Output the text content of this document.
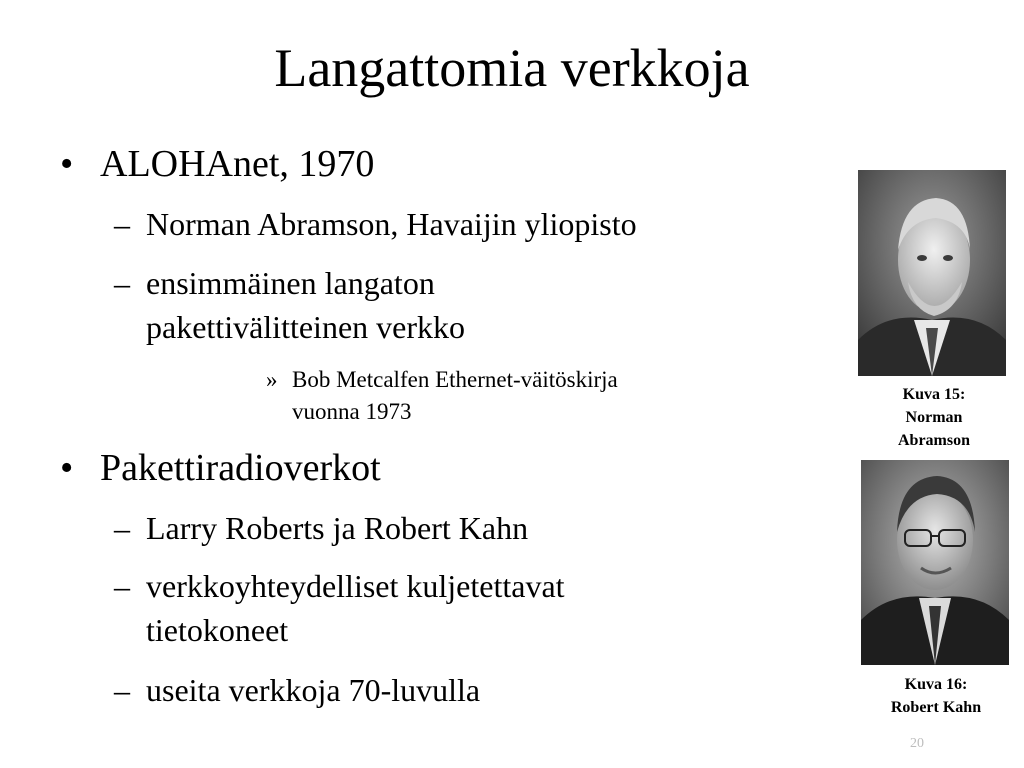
Langattomia verkkoja
• ALOHAnet, 1970
– Norman Abramson, Havaijin yliopisto
– ensimmäinen langaton
pakettivälitteinen verkko
» Bob Metcalfen Ethernet-väitöskirja
vuonna 1973
• Pakettiradioverkot
– Larry Roberts ja Robert Kahn
– verkkoyhteydelliset kuljetettavat
tietokoneet
– useita verkkoja 70-luvulla
Kuva 15:
Norman
Abramson
Kuva 16:
Robert Kahn
20
